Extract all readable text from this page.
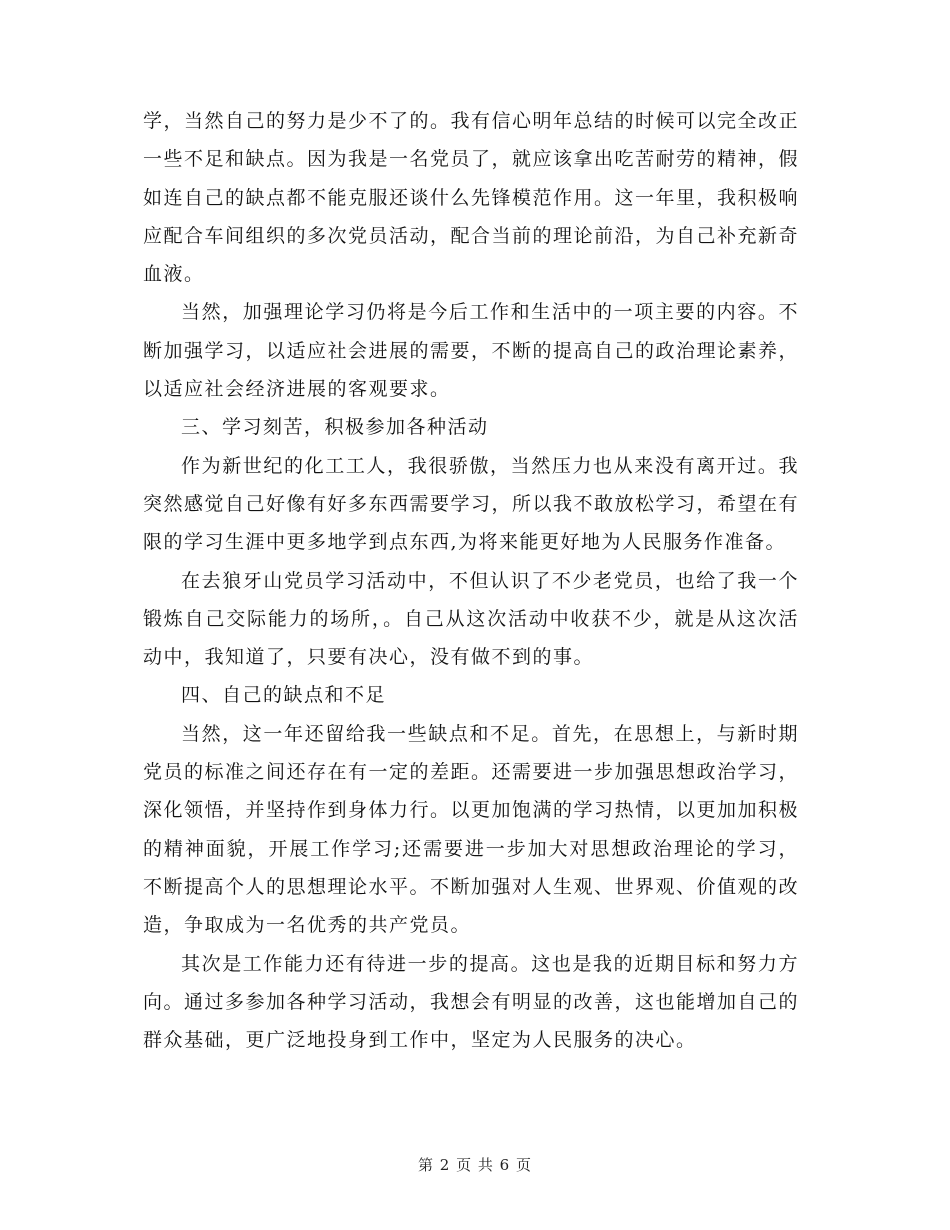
学，当然自己的努力是少不了的。我有信心明年总结的时候可以完全改正一些不足和缺点。因为我是一名党员了，就应该拿出吃苦耐劳的精神，假如连自己的缺点都不能克服还谈什么先锋模范作用。这一年里，我积极响应配合车间组织的多次党员活动，配合当前的理论前沿，为自己补充新奇血液。

当然，加强理论学习仍将是今后工作和生活中的一项主要的内容。不断加强学习，以适应社会进展的需要，不断的提高自己的政治理论素养，以适应社会经济进展的客观要求。

三、学习刻苦，积极参加各种活动

作为新世纪的化工工人，我很骄傲，当然压力也从来没有离开过。我突然感觉自己好像有好多东西需要学习，所以我不敢放松学习，希望在有限的学习生涯中更多地学到点东西,为将来能更好地为人民服务作准备。

在去狼牙山党员学习活动中，不但认识了不少老党员，也给了我一个锻炼自己交际能力的场所，。自己从这次活动中收获不少，就是从这次活动中，我知道了，只要有决心，没有做不到的事。

四、自己的缺点和不足

当然，这一年还留给我一些缺点和不足。首先，在思想上，与新时期党员的标准之间还存在有一定的差距。还需要进一步加强思想政治学习，深化领悟，并坚持作到身体力行。以更加饱满的学习热情，以更加加积极的精神面貌，开展工作学习;还需要进一步加大对思想政治理论的学习，不断提高个人的思想理论水平。不断加强对人生观、世界观、价值观的改造，争取成为一名优秀的共产党员。

其次是工作能力还有待进一步的提高。这也是我的近期目标和努力方向。通过多参加各种学习活动，我想会有明显的改善，这也能增加自己的群众基础，更广泛地投身到工作中，坚定为人民服务的决心。

第 2 页 共 6 页
